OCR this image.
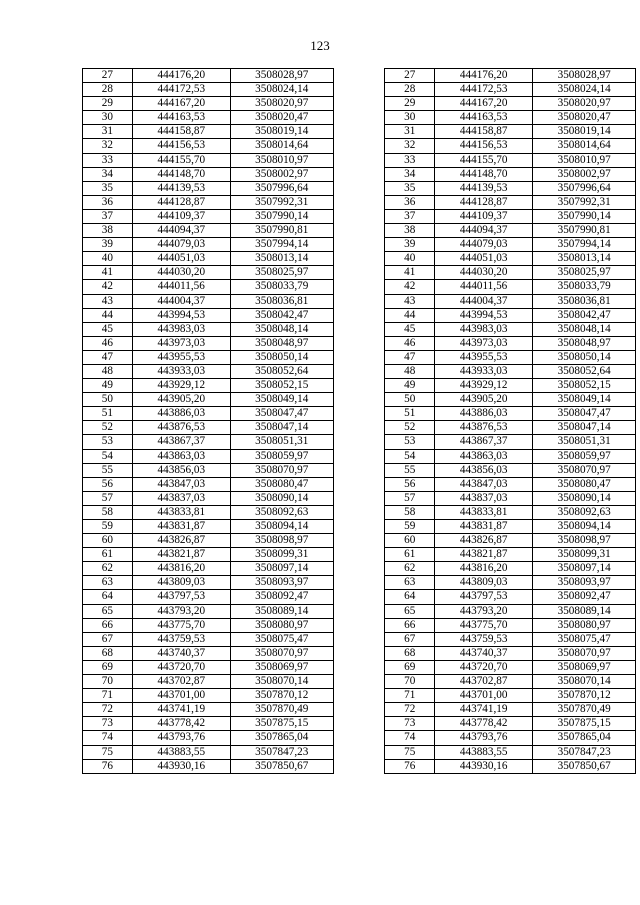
123
27	444176,20	3508028,97		27	444176,20	3508028,97
28	444172,53	3508024,14		28	444172,53	3508024,14
29	444167,20	3508020,97		29	444167,20	3508020,97
30	444163,53	3508020,47		30	444163,53	3508020,47
31	444158,87	3508019,14		31	444158,87	3508019,14
32	444156,53	3508014,64		32	444156,53	3508014,64
33	444155,70	3508010,97		33	444155,70	3508010,97
34	444148,70	3508002,97		34	444148,70	3508002,97
35	444139,53	3507996,64		35	444139,53	3507996,64
36	444128,87	3507992,31		36	444128,87	3507992,31
37	444109,37	3507990,14		37	444109,37	3507990,14
38	444094,37	3507990,81		38	444094,37	3507990,81
39	444079,03	3507994,14		39	444079,03	3507994,14
40	444051,03	3508013,14		40	444051,03	3508013,14
41	444030,20	3508025,97		41	444030,20	3508025,97
42	444011,56	3508033,79		42	444011,56	3508033,79
43	444004,37	3508036,81		43	444004,37	3508036,81
44	443994,53	3508042,47		44	443994,53	3508042,47
45	443983,03	3508048,14		45	443983,03	3508048,14
46	443973,03	3508048,97		46	443973,03	3508048,97
47	443955,53	3508050,14		47	443955,53	3508050,14
48	443933,03	3508052,64		48	443933,03	3508052,64
49	443929,12	3508052,15		49	443929,12	3508052,15
50	443905,20	3508049,14		50	443905,20	3508049,14
51	443886,03	3508047,47		51	443886,03	3508047,47
52	443876,53	3508047,14		52	443876,53	3508047,14
53	443867,37	3508051,31		53	443867,37	3508051,31
54	443863,03	3508059,97		54	443863,03	3508059,97
55	443856,03	3508070,97		55	443856,03	3508070,97
56	443847,03	3508080,47		56	443847,03	3508080,47
57	443837,03	3508090,14		57	443837,03	3508090,14
58	443833,81	3508092,63		58	443833,81	3508092,63
59	443831,87	3508094,14		59	443831,87	3508094,14
60	443826,87	3508098,97		60	443826,87	3508098,97
61	443821,87	3508099,31		61	443821,87	3508099,31
62	443816,20	3508097,14		62	443816,20	3508097,14
63	443809,03	3508093,97		63	443809,03	3508093,97
64	443797,53	3508092,47		64	443797,53	3508092,47
65	443793,20	3508089,14		65	443793,20	3508089,14
66	443775,70	3508080,97		66	443775,70	3508080,97
67	443759,53	3508075,47		67	443759,53	3508075,47
68	443740,37	3508070,97		68	443740,37	3508070,97
69	443720,70	3508069,97		69	443720,70	3508069,97
70	443702,87	3508070,14		70	443702,87	3508070,14
71	443701,00	3507870,12		71	443701,00	3507870,12
72	443741,19	3507870,49		72	443741,19	3507870,49
73	443778,42	3507875,15		73	443778,42	3507875,15
74	443793,76	3507865,04		74	443793,76	3507865,04
75	443883,55	3507847,23		75	443883,55	3507847,23
76	443930,16	3507850,67		76	443930,16	3507850,67
